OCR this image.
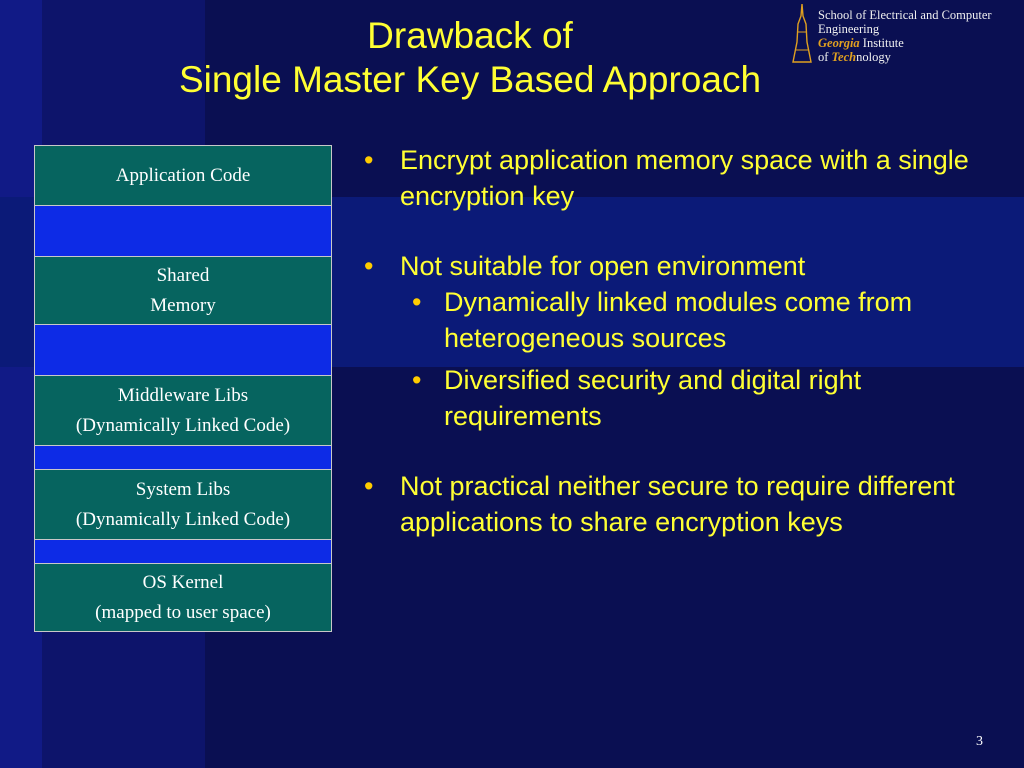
Drawback of
Single Master Key Based Approach
School of Electrical and Computer
Engineering
Georgia Institute
of Technology
Application Code
Shared
Memory
Middleware Libs
(Dynamically Linked Code)
System Libs
(Dynamically Linked Code)
OS Kernel
(mapped to user space)
• Encrypt application memory space with a single encryption key
• Not suitable for open environment
• Dynamically linked modules come from heterogeneous sources
• Diversified security and digital right requirements
• Not practical neither secure to require different applications to share encryption keys
3
